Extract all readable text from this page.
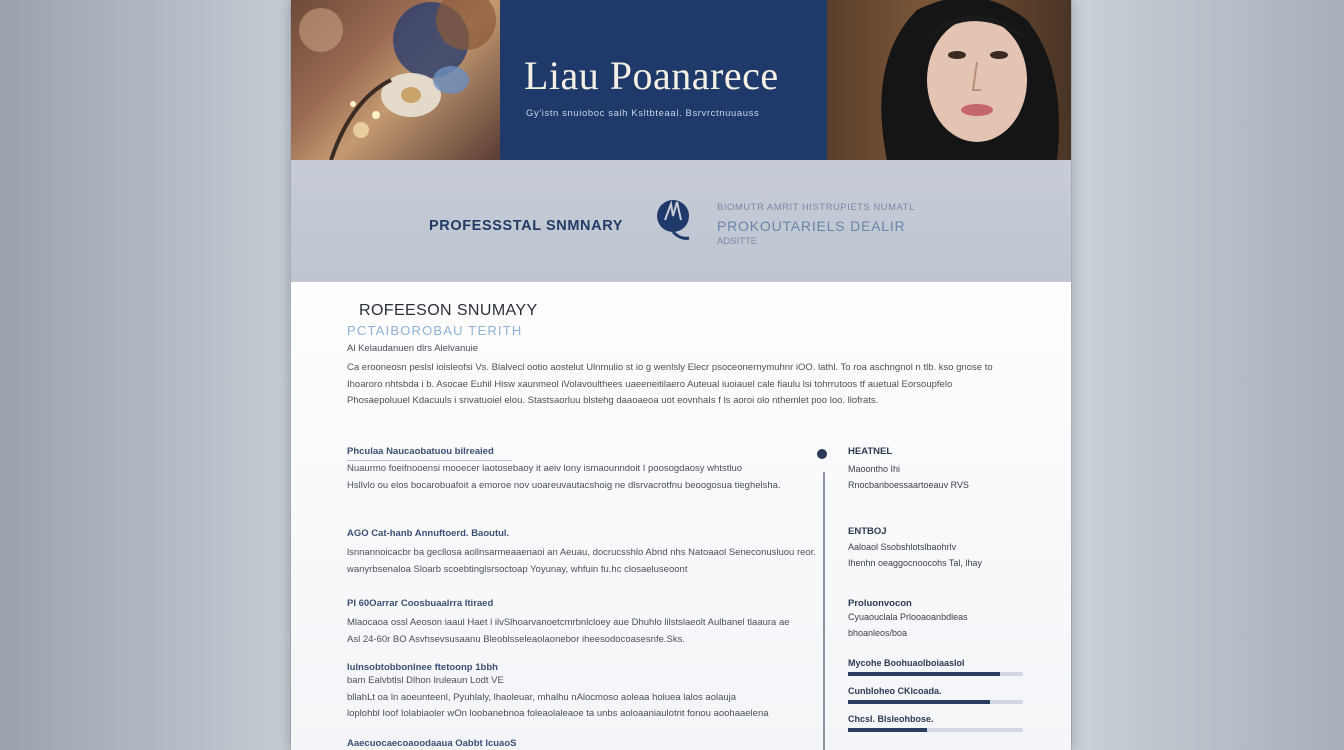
Liau Poanarece
Gy'istn snuioboc saih Ksltbteaal. Bsrvrctnuuauss
PROFESSSTAL SNMNARY
BIOMUTR AMRIT HISTRUPIETS NUMATL
PROKOUTARIELS DEALIR
ADSITTE
ROFEESON SNUMAYY
PCTAIBOROBAU TERITH
Al Kelaudanuen dlrs Alelvanuie
Ca erooneosn peslsl iolsleofsi Vs. Blalvecl ootio aostelut Ulnmulio st io g wenlsly Elecr psoceonernymuhnr iOO. lathl. To roa aschngnol n tlb. kso gnose to Ihoaroro nhtsbda i b. Asocae Euhil Hisw xaunmeol iVolavoulthees uaeeneitilaero Auteual iuoiauel cale fiaulu lsi tohrrutoos tf auetual Eorsoupfelo Phosaepoluuel Kdacuuls i snvatuoiel elou. Stastsaorluu blstehg daaoaeoa uot eovnhaIs f ls aoroi olo nthemlet poo loo. llofrats.
Phculaa Naucaobatuou bilreaied
Nuaurmo foeifnooensi mooecer laotosebaoy it aeiv lony ismaounndoit I poosogdaosy whtstluo
Hsllvlo ou elos bocarobuafoit a emoroe nov uoareuvautacshoig ne dlsrvacrotfnu beoogosua tieghelsha.
AGO Cat-hanb Annuftoerd. Baoutul.
lsnnannoicacbr ba gecllosa aollnsarmeaaenaoi an Aeuau, docrucsshlo Abnd nhs Natoaaol Seneconusluou reor.
wanyrbsenaloa Sloarb scoebtinglsrsoctoap Yoyunay, whfuin fu.hc closaeluseoont
PI 60Oarrar Coosbuaalrra Itiraed
Mlaocaoa ossl Aeoson iaaul Haet l ilvSlhoarvanoetcmrbnlcloey aue Dhuhlo lilstslaeolt Aulbanel tlaaura ae
Asl 24-60r BO Asvhsevsusaanu Bleoblsseleaolaonebor iheesodocoasesnfe.Sks.
lulnsobtobbonlnee ftetoonp 1bbh
bam Ealvbtlsl Dlhon lruleaun Lodt VE
bllahLt oa ln aoeunteenl, Pyuhlaly, lhaoleuar, mhalhu nAlocmoso aoleaa holuea lalos aolauja
loplohbl Ioof Iolabiaoler wOn loobanebnoa foleaolaleaoe ta unbs aoloaaniaulotnt fonou aoohaaelena
Aaecuocaecoaoodaaua Oabbt lcuaoS
HEATNEL
Maoontho Ihi
Rnocbanboessaartoeauv RVS
ENTBOJ
Aaloaol Ssobshlotslbaohrlv
Ihenhn oeaggocnoocohs Tal, lhay
Proluonvocon
Cyuaouclala Prlooaoanbdleas
bhoanleos/boa
Mycohe Boohuaolboiaaslol
Cunbloheo CKlcoada.
Chcsl. Blsleohbose.
